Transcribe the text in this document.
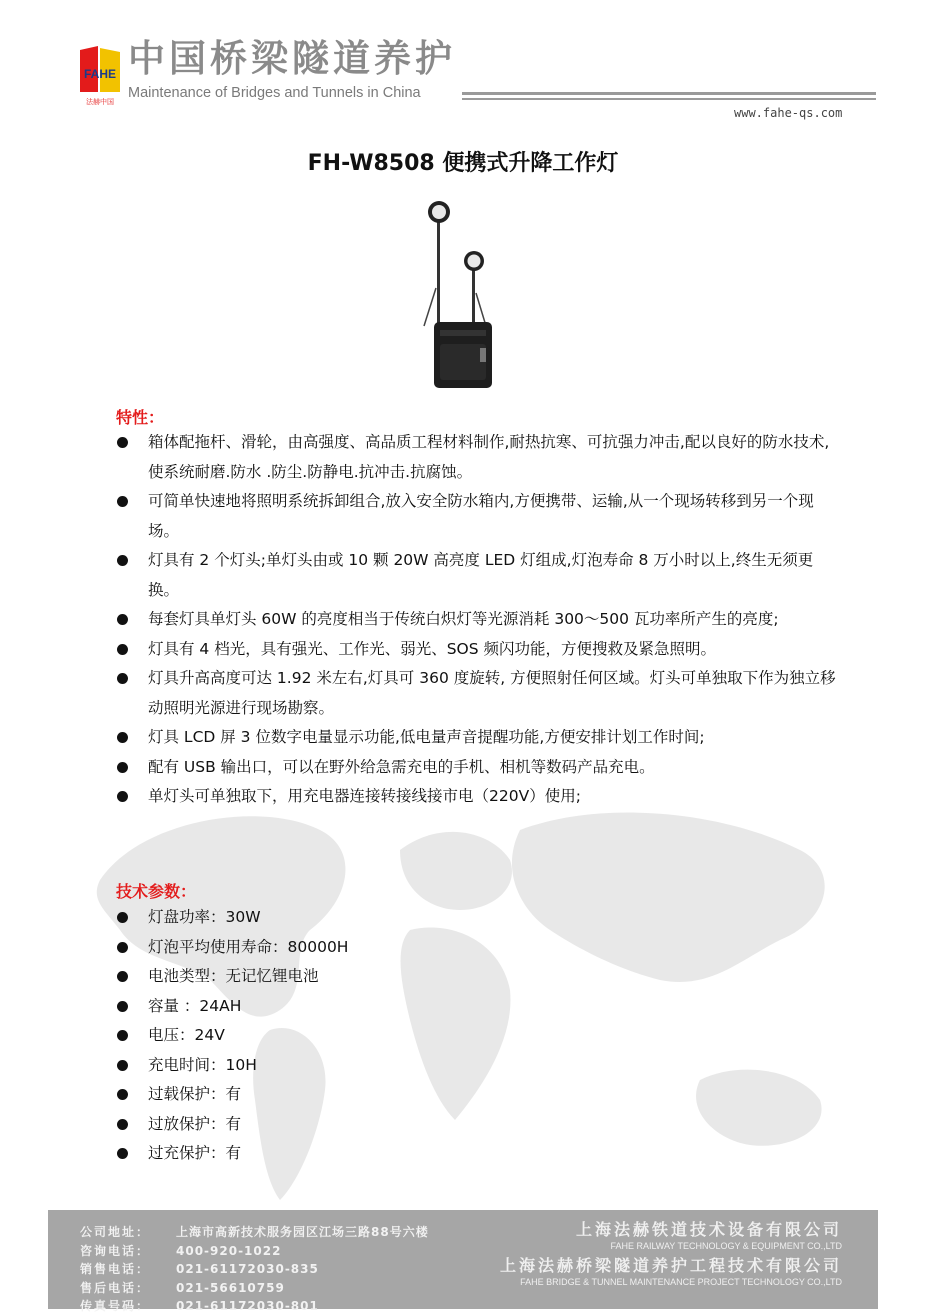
FAHE
法赫中国
中国桥梁隧道养护
Maintenance of Bridges and Tunnels in China
www.fahe-qs.com
FH-W8508 便携式升降工作灯
特性：
箱体配拖杆、滑轮，由高强度、高品质工程材料制作,耐热抗寒、可抗强力冲击,配以良好的防水技术,使系统耐磨.防水 .防尘.防静电.抗冲击.抗腐蚀。
可简单快速地将照明系统拆卸组合,放入安全防水箱内,方便携带、运输,从一个现场转移到另一个现场。
灯具有 2 个灯头;单灯头由或 10 颗 20W 高亮度 LED 灯组成,灯泡寿命 8 万小时以上,终生无须更换。
每套灯具单灯头 60W 的亮度相当于传统白炽灯等光源消耗 300～500 瓦功率所产生的亮度;
灯具有 4 档光，具有强光、工作光、弱光、SOS 频闪功能，方便搜救及紧急照明。
灯具升高高度可达 1.92 米左右,灯具可 360 度旋转, 方便照射任何区域。灯头可单独取下作为独立移动照明光源进行现场勘察。
灯具 LCD 屏 3 位数字电量显示功能,低电量声音提醒功能,方便安排计划工作时间;
配有 USB 输出口，可以在野外给急需充电的手机、相机等数码产品充电。
单灯头可单独取下，用充电器连接转接线接市电（220V）使用;
技术参数：
灯盘功率：30W
灯泡平均使用寿命：80000H
电池类型：无记忆锂电池
容量 ：24AH
电压：24V
充电时间：10H
过载保护：有
过放保护：有
过充保护：有
公司地址： 上海市高新技术服务园区江场三路88号六楼
咨询电话： 400-920-1022
销售电话： 021-61172030-835
售后电话： 021-56610759
传真号码： 021-61172030-801
上海法赫铁道技术设备有限公司
FAHE RAILWAY TECHNOLOGY & EQUIPMENT CO.,LTD
上海法赫桥梁隧道养护工程技术有限公司
FAHE BRIDGE & TUNNEL MAINTENANCE PROJECT TECHNOLOGY CO.,LTD
